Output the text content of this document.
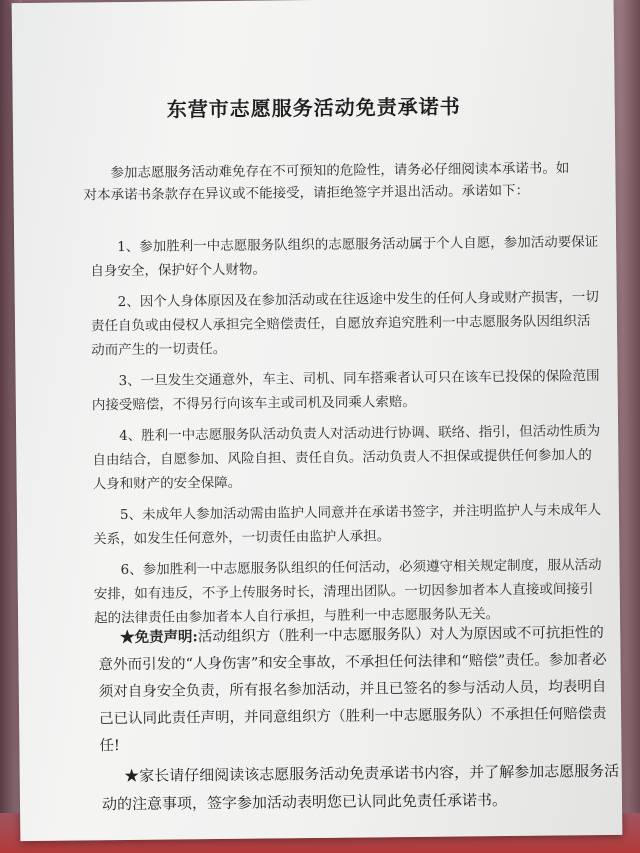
东营市志愿服务活动免责承诺书

参加志愿服务活动难免存在不可预知的危险性，请务必仔细阅读本承诺书。如对本承诺书条款存在异议或不能接受，请拒绝签字并退出活动。承诺如下：

1、参加胜利一中志愿服务队组织的志愿服务活动属于个人自愿，参加活动要保证自身安全，保护好个人财物。

2、因个人身体原因及在参加活动或在往返途中发生的任何人身或财产损害，一切责任自负或由侵权人承担完全赔偿责任，自愿放弃追究胜利一中志愿服务队因组织活动而产生的一切责任。

3、一旦发生交通意外，车主、司机、同车搭乘者认可只在该车已投保的保险范围内接受赔偿，不得另行向该车主或司机及同乘人索赔。

4、胜利一中志愿服务队活动负责人对活动进行协调、联络、指引，但活动性质为自由结合，自愿参加、风险自担、责任自负。活动负责人不担保或提供任何参加人的人身和财产的安全保障。

5、未成年人参加活动需由监护人同意并在承诺书签字，并注明监护人与未成年人关系，如发生任何意外，一切责任由监护人承担。

6、参加胜利一中志愿服务队组织的任何活动，必须遵守相关规定制度，服从活动安排，如有违反，不予上传服务时长，清理出团队。一切因参加者本人直接或间接引起的法律责任由参加者本人自行承担，与胜利一中志愿服务队无关。

★免责声明:活动组织方（胜利一中志愿服务队）对人为原因或不可抗拒性的意外而引发的“人身伤害”和安全事故，不承担任何法律和“赔偿”责任。参加者必须对自身安全负责，所有报名参加活动，并且已签名的参与活动人员，均表明自己已认同此责任声明，并同意组织方（胜利一中志愿服务队）不承担任何赔偿责任!

★家长请仔细阅读该志愿服务活动免责承诺书内容，并了解参加志愿服务活动的注意事项，签字参加活动表明您已认同此免责任承诺书。
